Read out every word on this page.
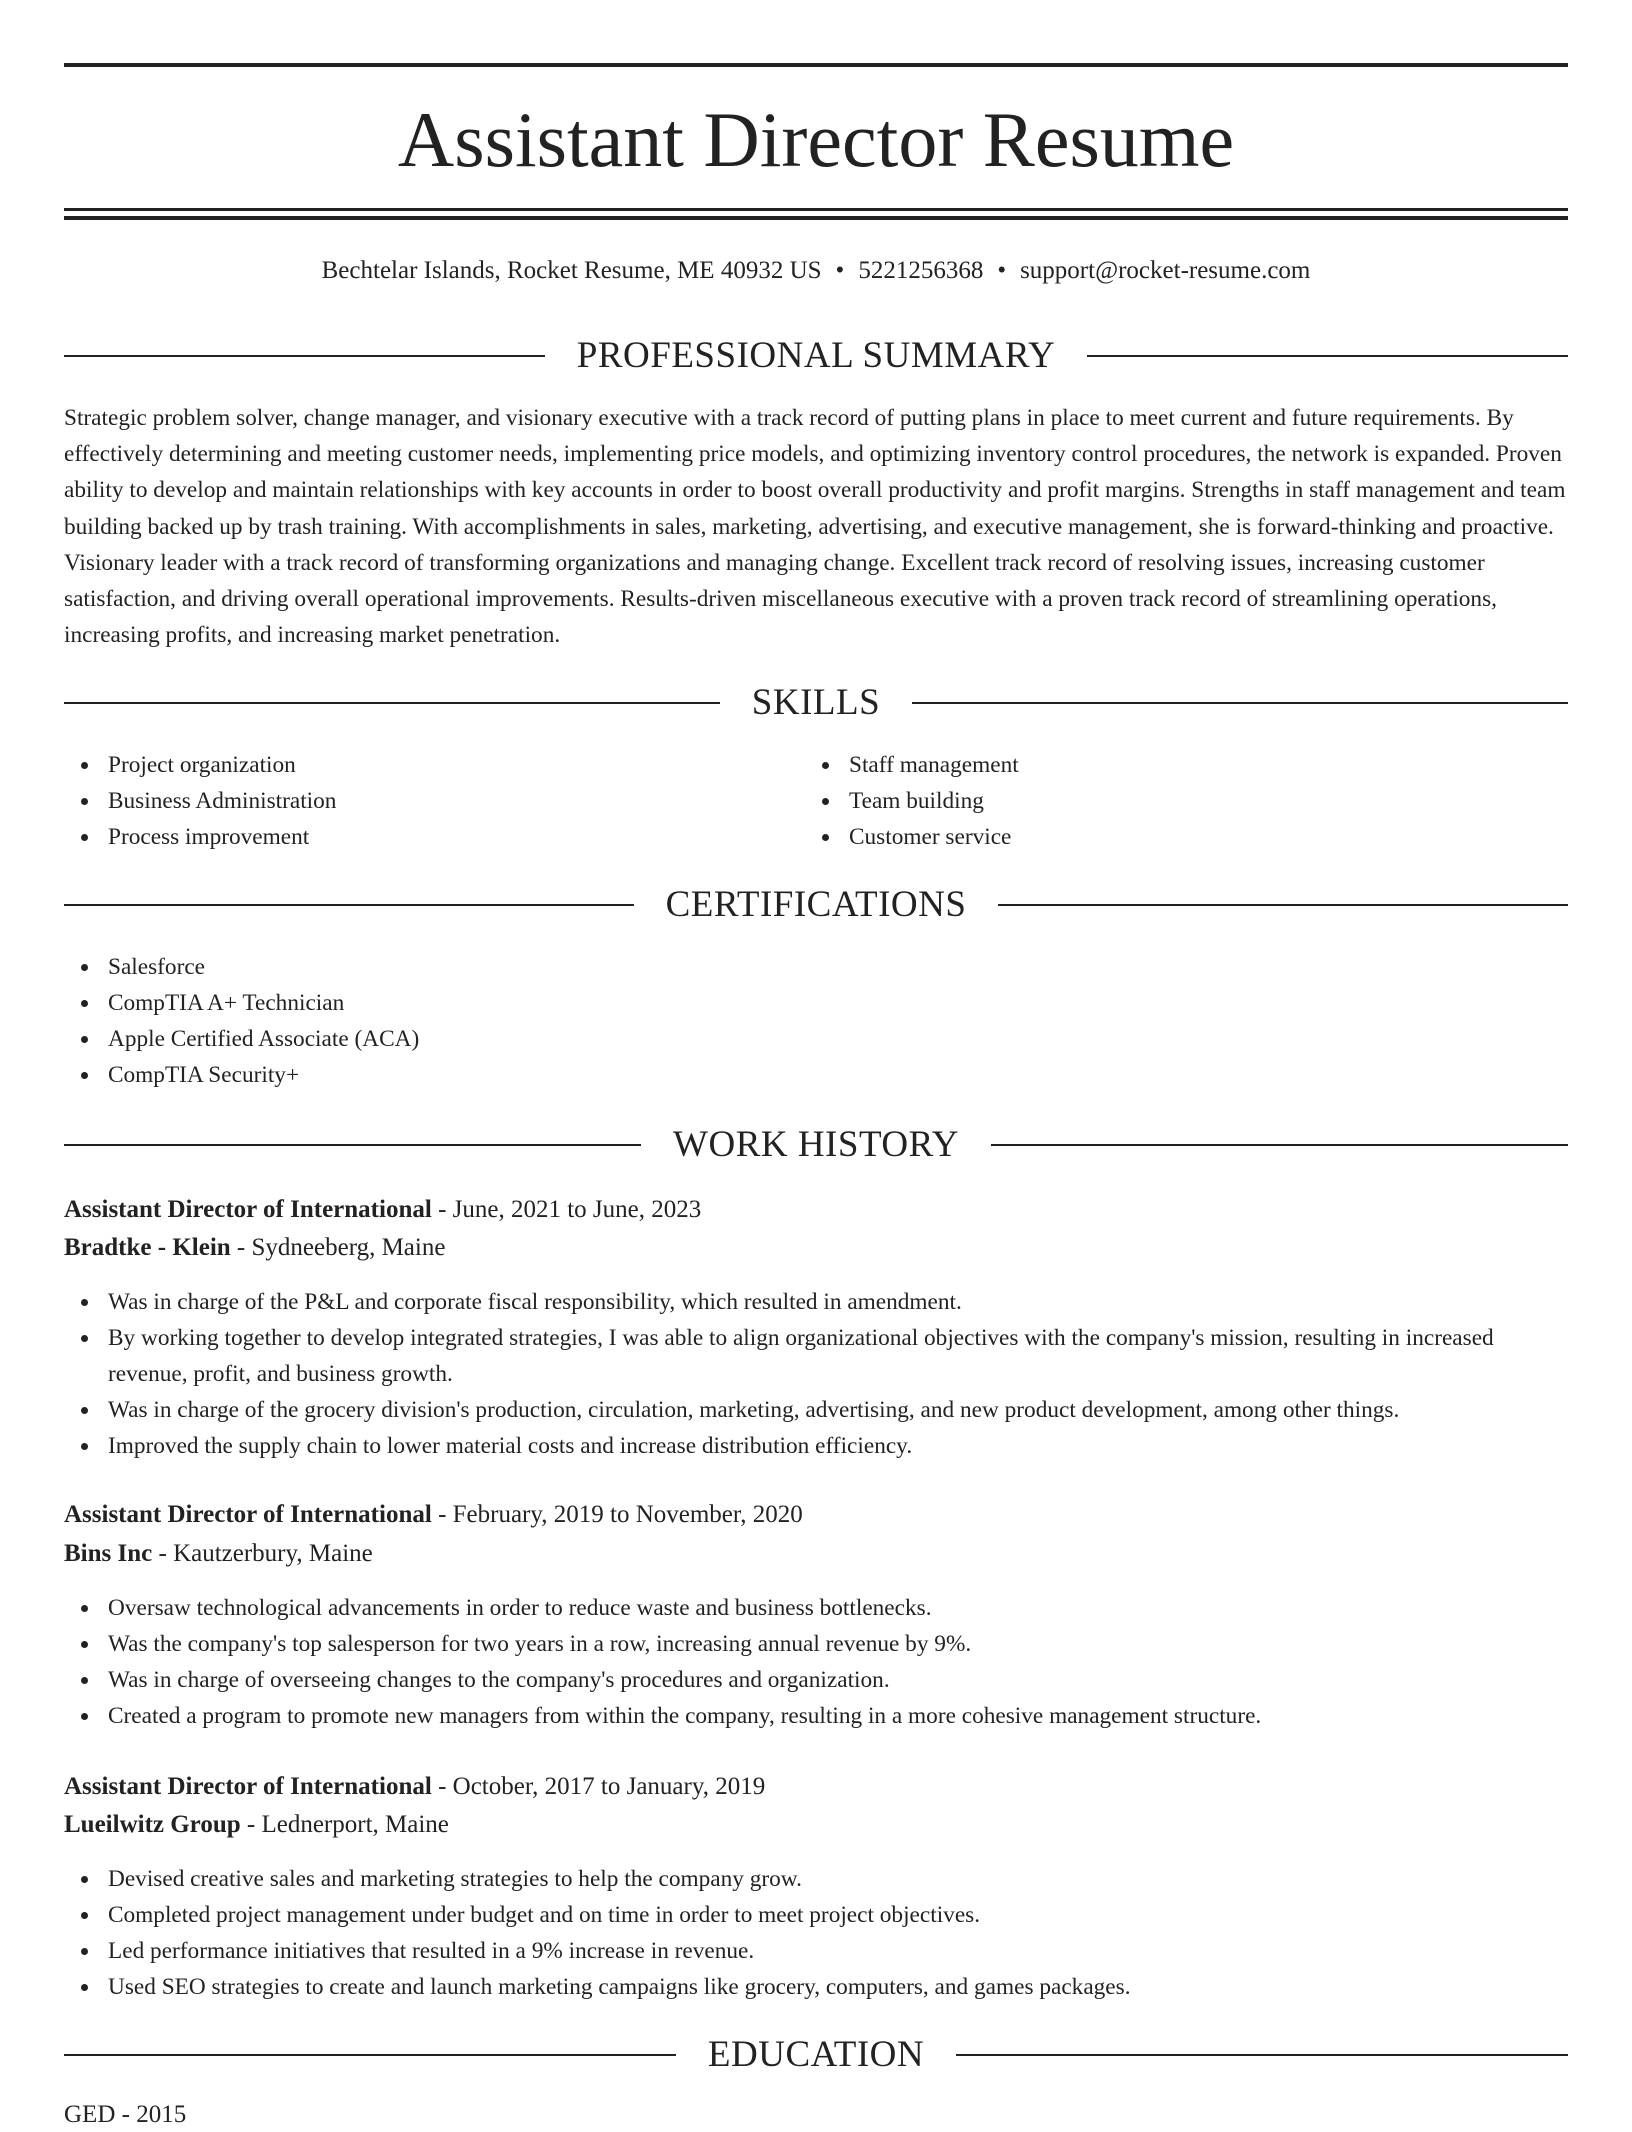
Assistant Director Resume
Bechtelar Islands, Rocket Resume, ME 40932 US • 5221256368 • support@rocket-resume.com
PROFESSIONAL SUMMARY

Strategic problem solver, change manager, and visionary executive with a track record of putting plans in place to meet current and future requirements. By effectively determining and meeting customer needs, implementing price models, and optimizing inventory control procedures, the network is expanded. Proven ability to develop and maintain relationships with key accounts in order to boost overall productivity and profit margins. Strengths in staff management and team building backed up by trash training. With accomplishments in sales, marketing, advertising, and executive management, she is forward-thinking and proactive. Visionary leader with a track record of transforming organizations and managing change. Excellent track record of resolving issues, increasing customer satisfaction, and driving overall operational improvements. Results-driven miscellaneous executive with a proven track record of streamlining operations, increasing profits, and increasing market penetration.

SKILLS
Project organization
Business Administration
Process improvement
Staff management
Team building
Customer service
CERTIFICATIONS
Salesforce
CompTIA A+ Technician
Apple Certified Associate (ACA)
CompTIA Security+
WORK HISTORY
Assistant Director of International - June, 2021 to June, 2023
Bradtke - Klein - Sydneeberg, Maine
Was in charge of the P&L and corporate fiscal responsibility, which resulted in amendment.
By working together to develop integrated strategies, I was able to align organizational objectives with the company's mission, resulting in increased revenue, profit, and business growth.
Was in charge of the grocery division's production, circulation, marketing, advertising, and new product development, among other things.
Improved the supply chain to lower material costs and increase distribution efficiency.
Assistant Director of International - February, 2019 to November, 2020
Bins Inc - Kautzerbury, Maine
Oversaw technological advancements in order to reduce waste and business bottlenecks.
Was the company's top salesperson for two years in a row, increasing annual revenue by 9%.
Was in charge of overseeing changes to the company's procedures and organization.
Created a program to promote new managers from within the company, resulting in a more cohesive management structure.
Assistant Director of International - October, 2017 to January, 2019
Lueilwitz Group - Lednerport, Maine
Devised creative sales and marketing strategies to help the company grow.
Completed project management under budget and on time in order to meet project objectives.
Led performance initiatives that resulted in a 9% increase in revenue.
Used SEO strategies to create and launch marketing campaigns like grocery, computers, and games packages.
EDUCATION
GED - 2015
